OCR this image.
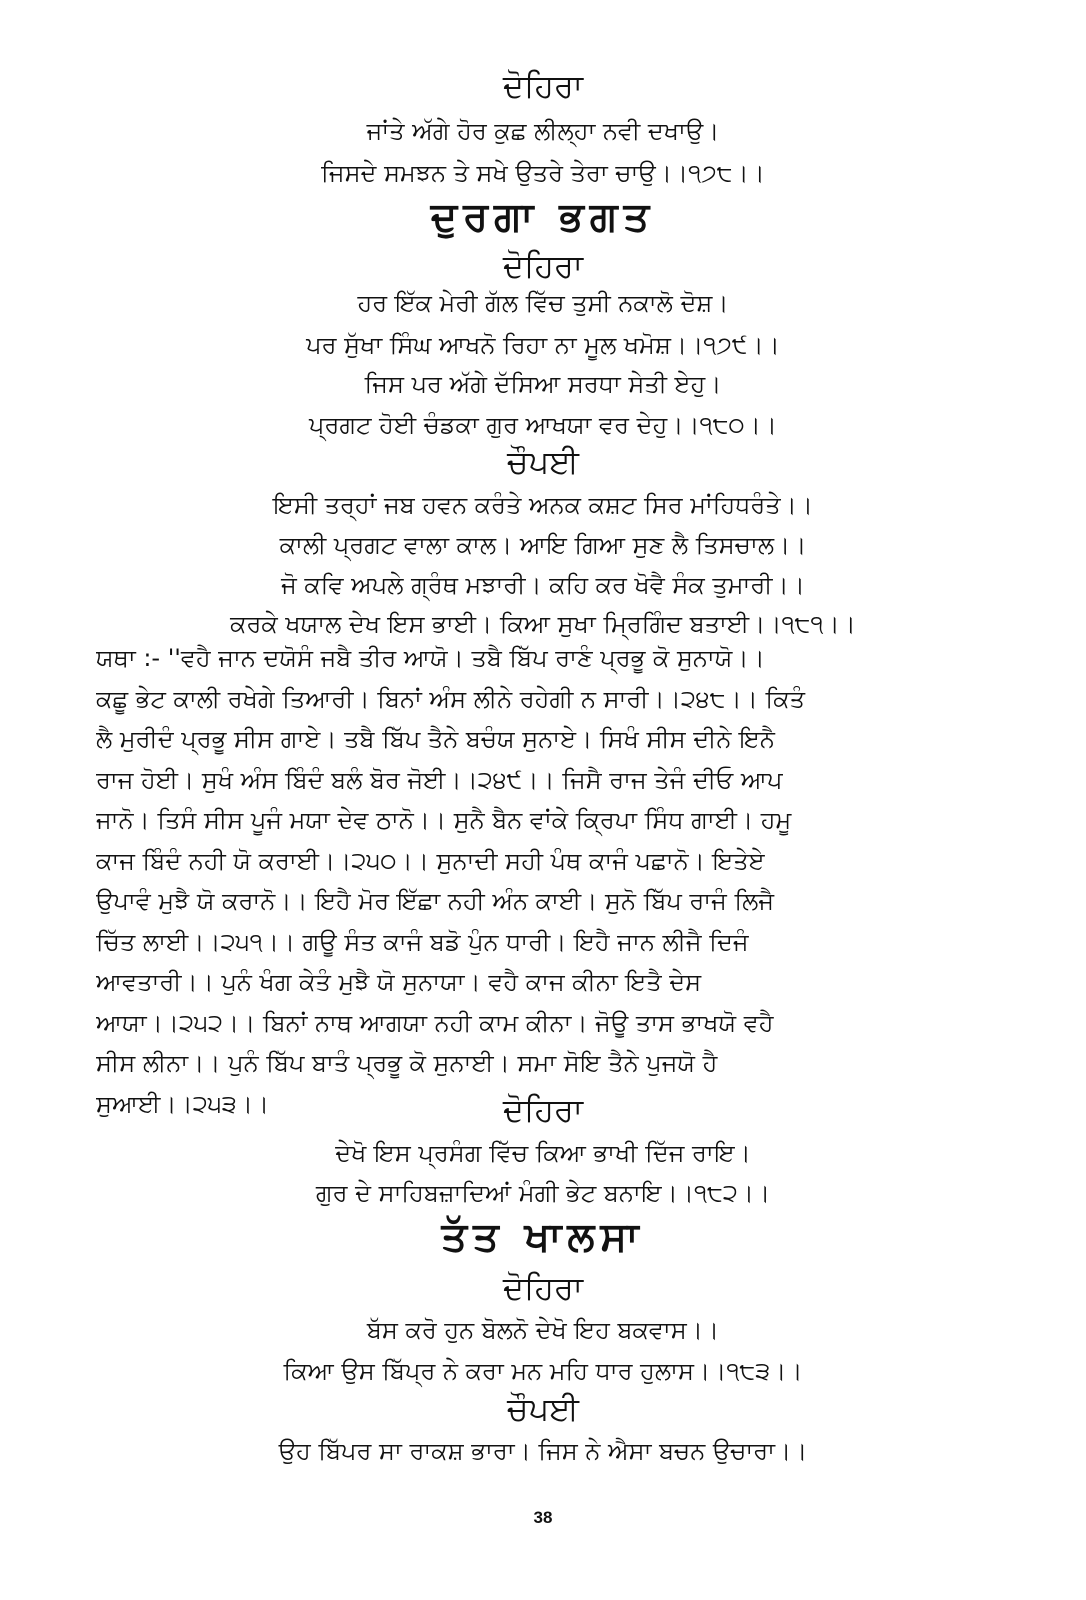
ਦੋਹਿਰਾ
ਜਾਂਤੇ ਅੱਗੇ ਹੋਰ ਕੁਛ ਲੀਲ੍ਹਾ ਨਵੀ ਦਖਾਉ।
ਜਿਸਦੇ ਸਮਝਨ ਤੇ ਸਖੇ ਉਤਰੇ ਤੇਰਾ ਚਾਉ।।੧੭੮।।
ਦੁਰਗਾ ਭਗਤ
ਦੋਹਿਰਾ
ਹਰ ਇੱਕ ਮੇਰੀ ਗੱਲ ਵਿੱਚ ਤੁਸੀ ਨਕਾਲੋ ਦੋਸ਼।
ਪਰ ਸੁੱਖਾ ਸਿੰਘ ਆਖਨੋ ਰਿਹਾ ਨਾ ਮੂਲ ਖਮੋਸ਼।।੧੭੯।।
ਜਿਸ ਪਰ ਅੱਗੇ ਦੱਸਿਆ ਸਰਧਾ ਸੇਤੀ ਏਹੁ।
ਪ੍ਰਗਟ ਹੋਈ ਚੰਡਕਾ ਗੁਰ ਆਖਯਾ ਵਰ ਦੇਹੁ।।੧੮੦।।
ਚੌਪਈ
ਇਸੀ ਤਰ੍ਹਾਂ ਜਬ ਹਵਨ ਕਰੰਤੇ ਅਨਕ ਕਸ਼ਟ ਸਿਰ ਮਾਂਹਿਧਰੰਤੇ।।
ਕਾਲੀ ਪ੍ਰਗਟ ਵਾਲਾ ਕਾਲ। ਆਇ ਗਿਆ ਸੁਣ ਲੈ ਤਿਸਚਾਲ।।
ਜੋ ਕਵਿ ਅਪਲੇ ਗ੍ਰੰਥ ਮਝਾਰੀ। ਕਹਿ ਕਰ ਖੋਵੈ ਸੰਕ ਤੁਮਾਰੀ।।
ਕਰਕੇ ਖਯਾਲ ਦੇਖ ਇਸ ਭਾਈ। ਕਿਆ ਸੁਖਾ ਮ੍ਰਿਗਿੰਦ ਬਤਾਈ।।੧੮੧।।

ਯਥਾ :- ''ਵਹੈ ਜਾਨ ਦਯੋਸੰ ਜਬੈ ਤੀਰ ਆਯੋ। ਤਬੈ ਬਿੱਪ ਰਾਣੰ ਪ੍ਰਭੂ ਕੋ ਸੁਨਾਯੋ।।

ਕਛੂ ਭੇਟ ਕਾਲੀ ਰਖੇਗੇ ਤਿਆਰੀ। ਬਿਨਾਂ ਅੰਸ ਲੀਨੇ ਰਹੇਗੀ ਨ ਸਾਰੀ।।੨੪੮।। ਕਿਤੰ

ਲੈ ਮੁਰੀਦੰ ਪ੍ਰਭੂ ਸੀਸ ਗਾਏ। ਤਬੈ ਬਿੱਪ ਤੈਨੇ ਬਚੰਯ ਸੁਨਾਏ। ਸਿਖੰ ਸੀਸ ਦੀਨੇ ਇਨੈ

ਰਾਜ ਹੋਈ। ਸੁਖੰ ਅੰਸ ਬਿੰਦੰ ਬਲੰ ਬੋਰ ਜੋਈ।।੨੪੯।। ਜਿਸੈ ਰਾਜ ਤੇਜੰ ਦੀਓ ਆਪ

ਜਾਨੋ। ਤਿਸੰ ਸੀਸ ਪੂਜੰ ਮਯਾ ਦੇਵ ਠਾਨੋ।। ਸੁਨੈ ਬੈਨ ਵਾਂਕੇ ਕ੍ਰਿਪਾ ਸਿੰਧ ਗਾਈ। ਹਮੂ

ਕਾਜ ਬਿੰਦੰ ਨਹੀ ਯੋ ਕਰਾਈ।।੨੫੦।। ਸੁਨਾਦੀ ਸਹੀ ਪੰਥ ਕਾਜੰ ਪਛਾਨੋ। ਇਤੇਏ

ਉਪਾਵੰ ਮੁਝੈ ਯੋ ਕਰਾਨੋ।। ਇਹੈ ਮੋਰ ਇੱਛਾ ਨਹੀ ਅੰਨ ਕਾਈ। ਸੁਨੋ ਬਿੱਪ ਰਾਜੰ ਲਿਜੈ

ਚਿੱਤ ਲਾਈ।।੨੫੧।। ਗਊ ਸੰਤ ਕਾਜੰ ਬਡੋ ਪੁੰਨ ਧਾਰੀ। ਇਹੈ ਜਾਨ ਲੀਜੈ ਦਿਜੰ

ਆਵਤਾਰੀ।। ਪੁਨੰ ਖੰਗ ਕੇਤੰ ਮੁਝੈ ਯੋ ਸੁਨਾਯਾ। ਵਹੈ ਕਾਜ ਕੀਨਾ ਇਤੈ ਦੇਸ

ਆਯਾ।।੨੫੨।। ਬਿਨਾਂ ਨਾਥ ਆਗਯਾ ਨਹੀ ਕਾਮ ਕੀਨਾ। ਜੋਊ ਤਾਸ ਭਾਖਯੋ ਵਹੈ

ਸੀਸ ਲੀਨਾ।। ਪੁਨੰ ਬਿੱਪ ਬਾਤੰ ਪ੍ਰਭੂ ਕੋ ਸੁਨਾਈ। ਸਮਾ ਸੋਇ ਤੈਨੇ ਪੁਜਯੋ ਹੈ

ਸੁਆਈ।।੨੫੩।।	ਦੋਹਿਰਾ
ਦੇਖੋ ਇਸ ਪ੍ਰਸੰਗ ਵਿੱਚ ਕਿਆ ਭਾਖੀ ਦਿੱਜ ਰਾਇ।
ਗੁਰ ਦੇ ਸਾਹਿਬਜ਼ਾਦਿਆਂ ਮੰਗੀ ਭੇਟ ਬਨਾਇ।।੧੮੨।।
ਤੱਤ ਖਾਲਸਾ
ਦੋਹਿਰਾ
ਬੱਸ ਕਰੋ ਹੁਨ ਬੋਲਨੋ ਦੇਖੋ ਇਹ ਬਕਵਾਸ।।
ਕਿਆ ਉਸ ਬਿੱਪ੍ਰ ਨੇ ਕਰਾ ਮਨ ਮਹਿ ਧਾਰ ਹੁਲਾਸ।।੧੮੩।।
ਚੌਪਈ
ਉਹ ਬਿੱਪਰ ਸਾ ਰਾਕਸ਼ ਭਾਰਾ। ਜਿਸ ਨੇ ਐਸਾ ਬਚਨ ਉਚਾਰਾ।।
38
